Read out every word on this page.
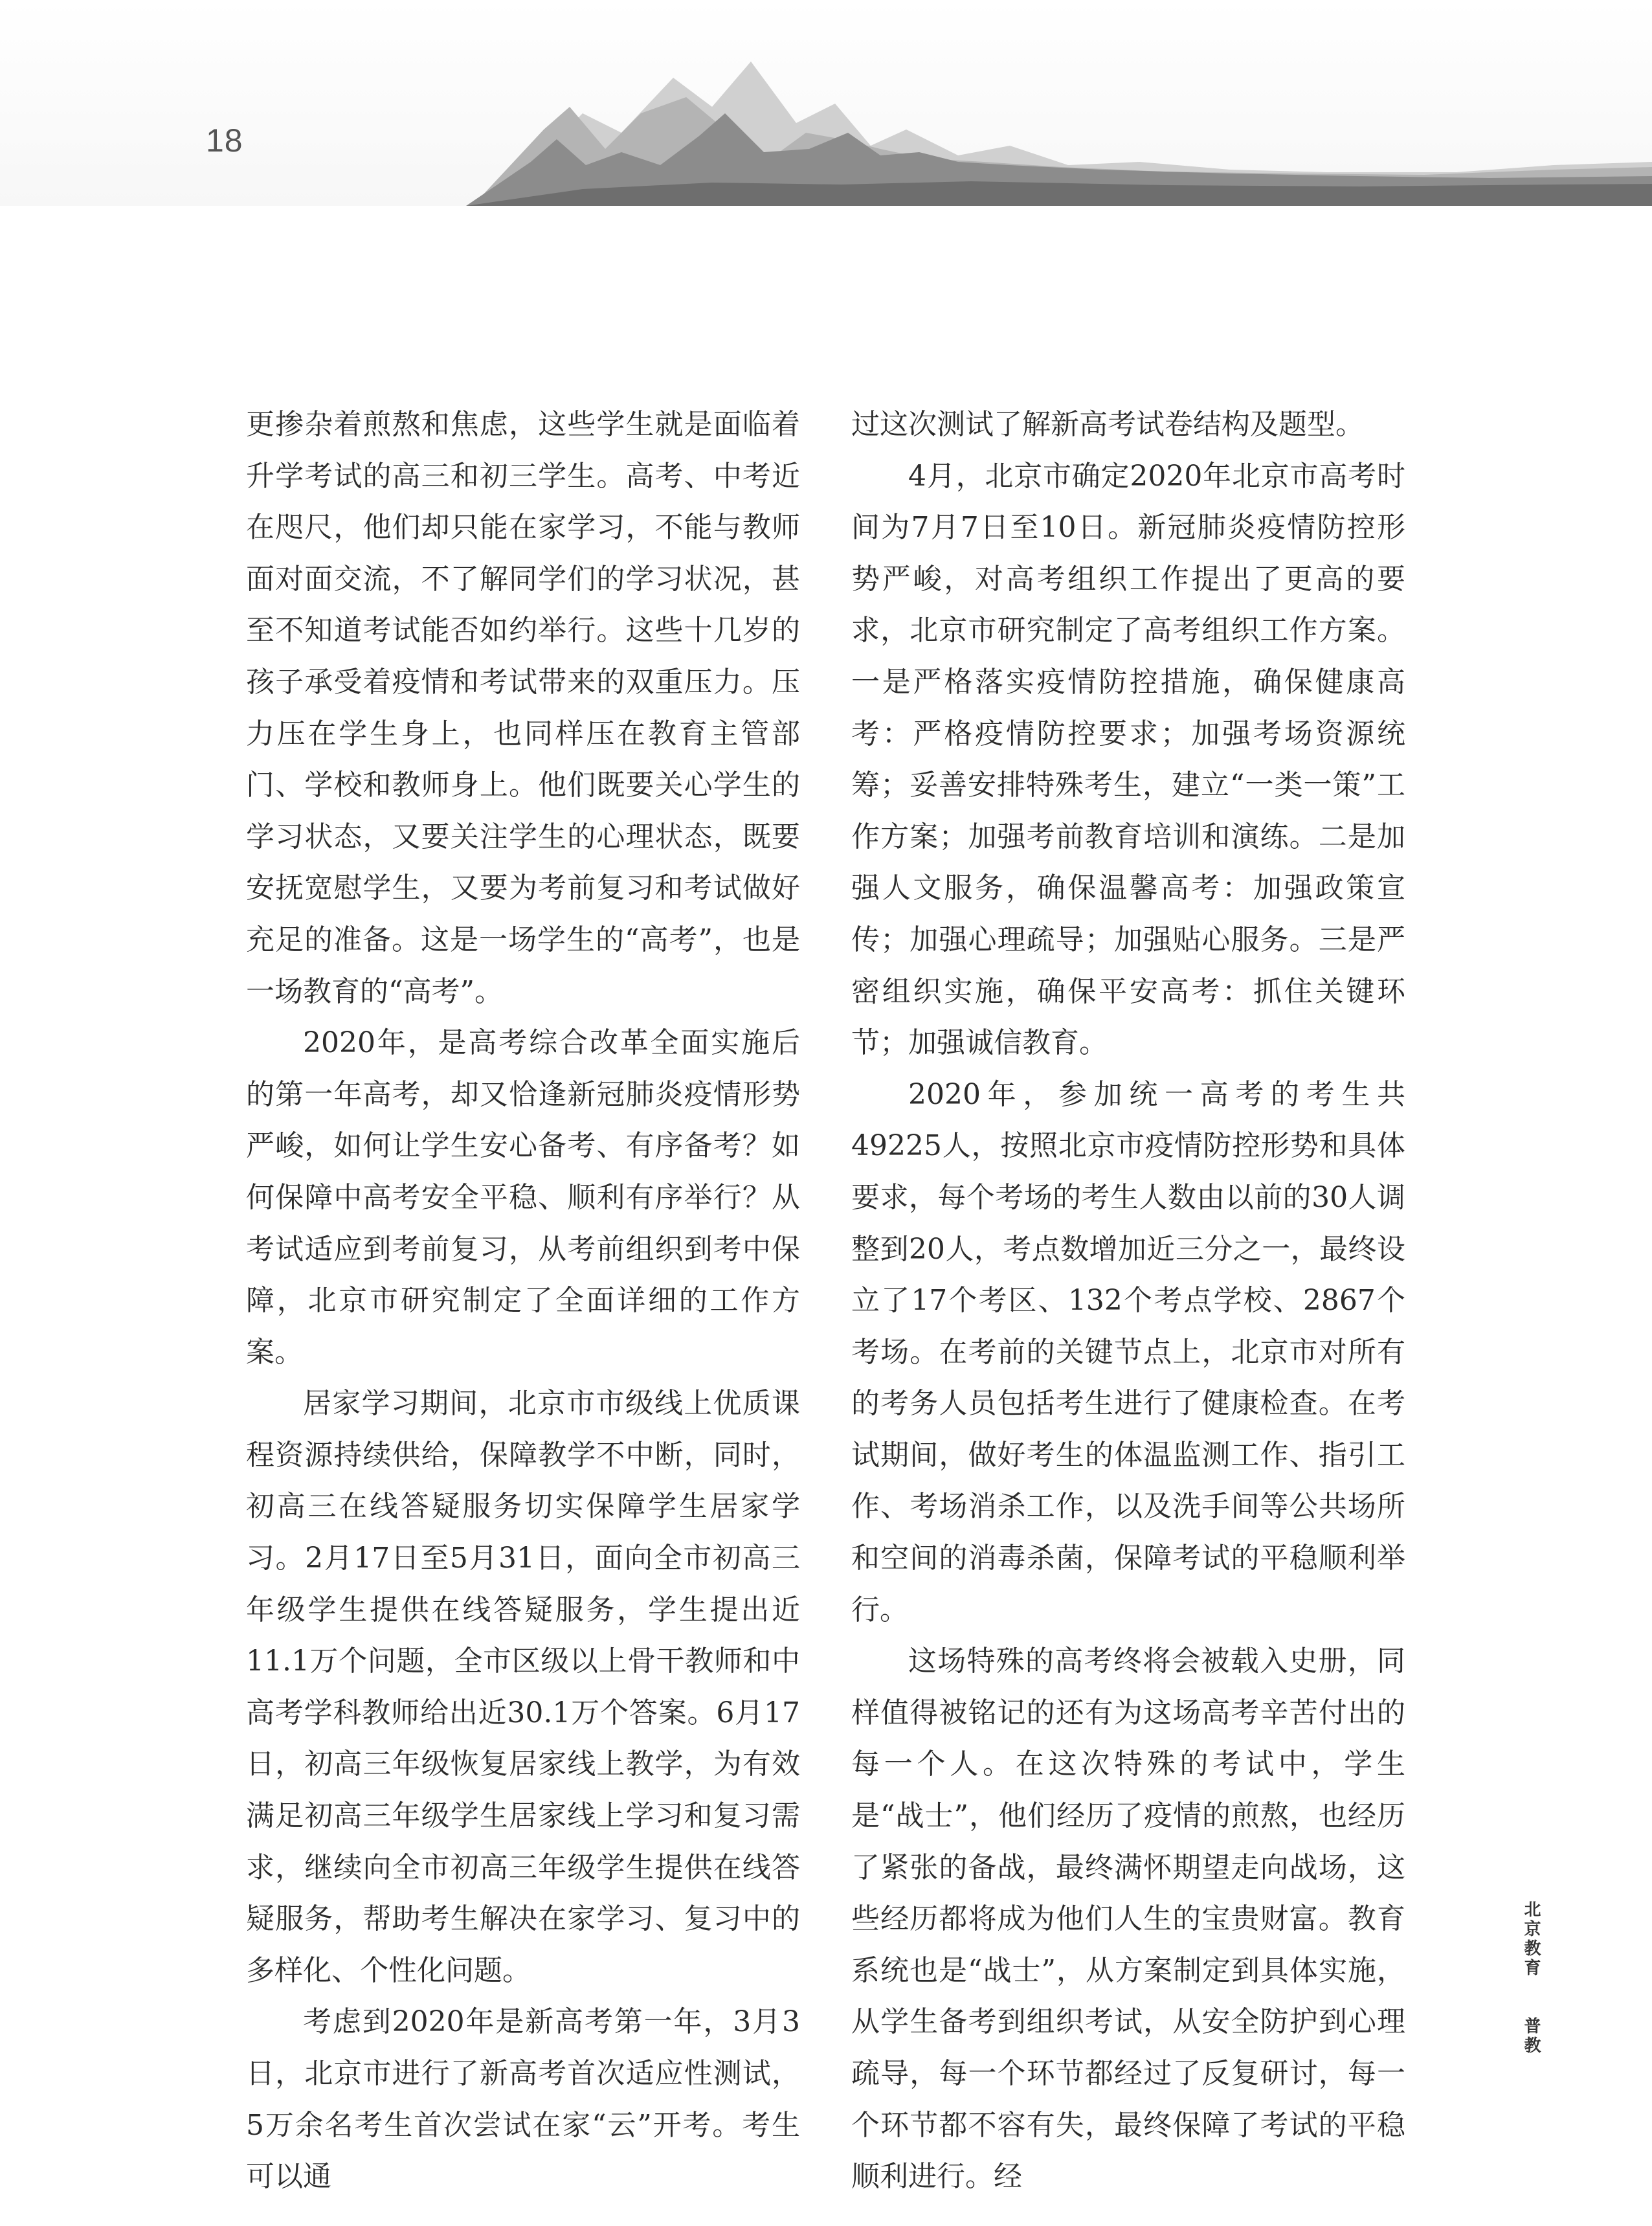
18

更掺杂着煎熬和焦虑，这些学生就是面临着升学考试的高三和初三学生。高考、中考近在咫尺，他们却只能在家学习，不能与教师面对面交流，不了解同学们的学习状况，甚至不知道考试能否如约举行。这些十几岁的孩子承受着疫情和考试带来的双重压力。压力压在学生身上，也同样压在教育主管部门、学校和教师身上。他们既要关心学生的学习状态，又要关注学生的心理状态，既要安抚宽慰学生，又要为考前复习和考试做好充足的准备。这是一场学生的“高考”，也是一场教育的“高考”。

2020年，是高考综合改革全面实施后的第一年高考，却又恰逢新冠肺炎疫情形势严峻，如何让学生安心备考、有序备考？如何保障中高考安全平稳、顺利有序举行？从考试适应到考前复习，从考前组织到考中保障，北京市研究制定了全面详细的工作方案。

居家学习期间，北京市市级线上优质课程资源持续供给，保障教学不中断，同时，初高三在线答疑服务切实保障学生居家学习。2月17日至5月31日，面向全市初高三年级学生提供在线答疑服务，学生提出近11.1万个问题，全市区级以上骨干教师和中高考学科教师给出近30.1万个答案。6月17日，初高三年级恢复居家线上教学，为有效满足初高三年级学生居家线上学习和复习需求，继续向全市初高三年级学生提供在线答疑服务，帮助考生解决在家学习、复习中的多样化、个性化问题。

考虑到2020年是新高考第一年，3月3日，北京市进行了新高考首次适应性测试，5万余名考生首次尝试在家“云”开考。考生可以通

过这次测试了解新高考试卷结构及题型。

4月，北京市确定2020年北京市高考时间为7月7日至10日。新冠肺炎疫情防控形势严峻，对高考组织工作提出了更高的要求，北京市研究制定了高考组织工作方案。一是严格落实疫情防控措施，确保健康高考：严格疫情防控要求；加强考场资源统筹；妥善安排特殊考生，建立“一类一策”工作方案；加强考前教育培训和演练。二是加强人文服务，确保温馨高考：加强政策宣传；加强心理疏导；加强贴心服务。三是严密组织实施，确保平安高考：抓住关键环节；加强诚信教育。

2020年，参加统一高考的考生共49225人，按照北京市疫情防控形势和具体要求，每个考场的考生人数由以前的30人调整到20人，考点数增加近三分之一，最终设立了17个考区、132个考点学校、2867个考场。在考前的关键节点上，北京市对所有的考务人员包括考生进行了健康检查。在考试期间，做好考生的体温监测工作、指引工作、考场消杀工作，以及洗手间等公共场所和空间的消毒杀菌，保障考试的平稳顺利举行。

这场特殊的高考终将会被载入史册，同样值得被铭记的还有为这场高考辛苦付出的每一个人。在这次特殊的考试中，学生是“战士”，他们经历了疫情的煎熬，也经历了紧张的备战，最终满怀期望走向战场，这些经历都将成为他们人生的宝贵财富。教育系统也是“战士”，从方案制定到具体实施，从学生备考到组织考试，从安全防护到心理疏导，每一个环节都经过了反复研讨，每一个环节都不容有失，最终保障了考试的平稳顺利进行。经

北京教育  普教
